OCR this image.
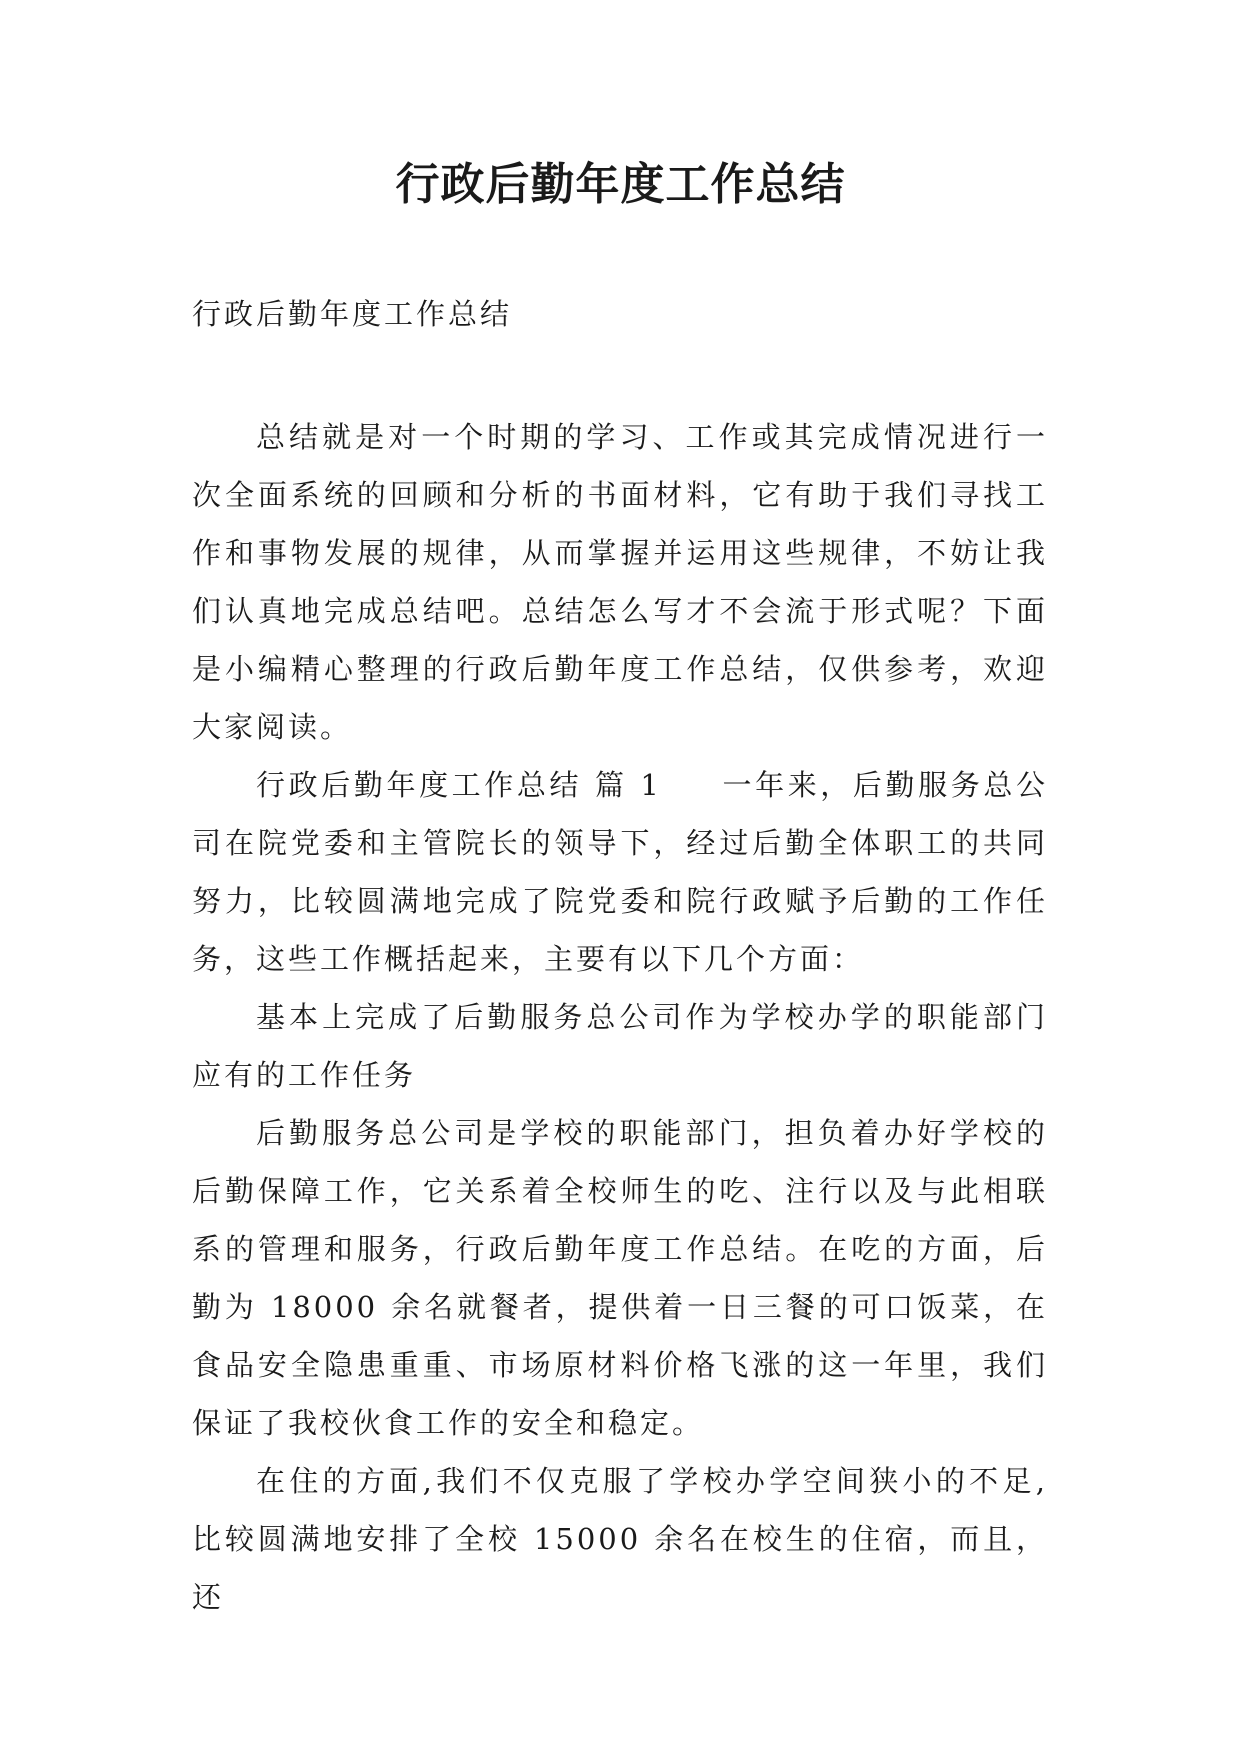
行政后勤年度工作总结
行政后勤年度工作总结

总结就是对一个时期的学习、工作或其完成情况进行一次全面系统的回顾和分析的书面材料，它有助于我们寻找工作和事物发展的规律，从而掌握并运用这些规律，不妨让我们认真地完成总结吧。总结怎么写才不会流于形式呢？下面是小编精心整理的行政后勤年度工作总结，仅供参考，欢迎大家阅读。

行政后勤年度工作总结 篇 1 一年来，后勤服务总公司在院党委和主管院长的领导下，经过后勤全体职工的共同努力，比较圆满地完成了院党委和院行政赋予后勤的工作任务，这些工作概括起来，主要有以下几个方面：

基本上完成了后勤服务总公司作为学校办学的职能部门应有的工作任务

后勤服务总公司是学校的职能部门，担负着办好学校的后勤保障工作，它关系着全校师生的吃、注行以及与此相联系的管理和服务，行政后勤年度工作总结。在吃的方面，后勤为 18000 余名就餐者，提供着一日三餐的可口饭菜，在食品安全隐患重重、市场原材料价格飞涨的这一年里，我们保证了我校伙食工作的安全和稳定。

在住的方面,我们不仅克服了学校办学空间狭小的不足,比较圆满地安排了全校 15000 余名在校生的住宿，而且，还
